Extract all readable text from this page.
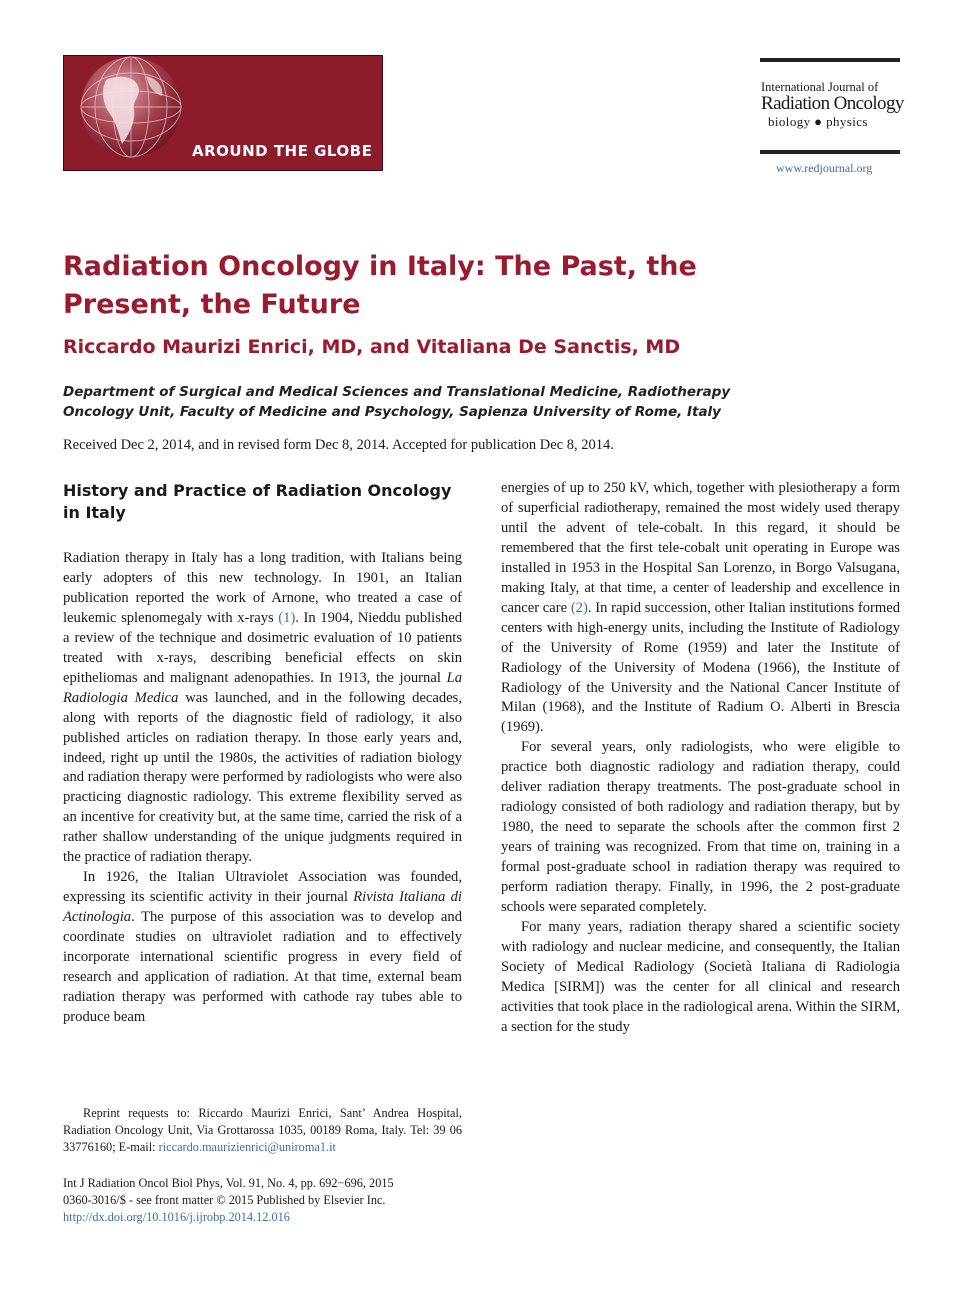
AROUND THE GLOBE
International Journal of
Radiation Oncology
biology ● physics
www.redjournal.org
Radiation Oncology in Italy: The Past, the Present, the Future
Riccardo Maurizi Enrici, MD, and Vitaliana De Sanctis, MD
Department of Surgical and Medical Sciences and Translational Medicine, Radiotherapy Oncology Unit, Faculty of Medicine and Psychology, Sapienza University of Rome, Italy
Received Dec 2, 2014, and in revised form Dec 8, 2014. Accepted for publication Dec 8, 2014.
History and Practice of Radiation Oncology in Italy

Radiation therapy in Italy has a long tradition, with Italians being early adopters of this new technology. In 1901, an Italian publication reported the work of Arnone, who treated a case of leukemic splenomegaly with x-rays (1). In 1904, Nieddu published a review of the technique and dosimetric evaluation of 10 patients treated with x-rays, describing beneficial effects on skin epitheliomas and malignant adenopathies. In 1913, the journal La Radiologia Medica was launched, and in the following decades, along with reports of the diagnostic field of radiology, it also published articles on radiation therapy. In those early years and, indeed, right up until the 1980s, the activities of radiation biology and radiation therapy were performed by radiologists who were also practicing diagnostic radiology. This extreme flexibility served as an incentive for creativity but, at the same time, carried the risk of a rather shallow understanding of the unique judgments required in the practice of radiation therapy.

In 1926, the Italian Ultraviolet Association was founded, expressing its scientific activity in their journal Rivista Italiana di Actinologia. The purpose of this association was to develop and coordinate studies on ultraviolet radiation and to effectively incorporate international scientific progress in every field of research and application of radiation. At that time, external beam radiation therapy was performed with cathode ray tubes able to produce beam

energies of up to 250 kV, which, together with plesiotherapy a form of superficial radiotherapy, remained the most widely used therapy until the advent of tele-cobalt. In this regard, it should be remembered that the first tele-cobalt unit operating in Europe was installed in 1953 in the Hospital San Lorenzo, in Borgo Valsugana, making Italy, at that time, a center of leadership and excellence in cancer care (2). In rapid succession, other Italian institutions formed centers with high-energy units, including the Institute of Radiology of the University of Rome (1959) and later the Institute of Radiology of the University of Modena (1966), the Institute of Radiology of the University and the National Cancer Institute of Milan (1968), and the Institute of Radium O. Alberti in Brescia (1969).

For several years, only radiologists, who were eligible to practice both diagnostic radiology and radiation therapy, could deliver radiation therapy treatments. The post-graduate school in radiology consisted of both radiology and radiation therapy, but by 1980, the need to separate the schools after the common first 2 years of training was recognized. From that time on, training in a formal post-graduate school in radiation therapy was required to perform radiation therapy. Finally, in 1996, the 2 post-graduate schools were separated completely.

For many years, radiation therapy shared a scientific society with radiology and nuclear medicine, and consequently, the Italian Society of Medical Radiology (Società Italiana di Radiologia Medica [SIRM]) was the center for all clinical and research activities that took place in the radiological arena. Within the SIRM, a section for the study

Reprint requests to: Riccardo Maurizi Enrici, Sant’ Andrea Hospital, Radiation Oncology Unit, Via Grottarossa 1035, 00189 Roma, Italy. Tel: 39 06 33776160; E-mail: riccardo.maurizienrici@uniroma1.it
Int J Radiation Oncol Biol Phys, Vol. 91, No. 4, pp. 692−696, 2015
0360-3016/$ - see front matter © 2015 Published by Elsevier Inc.
http://dx.doi.org/10.1016/j.ijrobp.2014.12.016
